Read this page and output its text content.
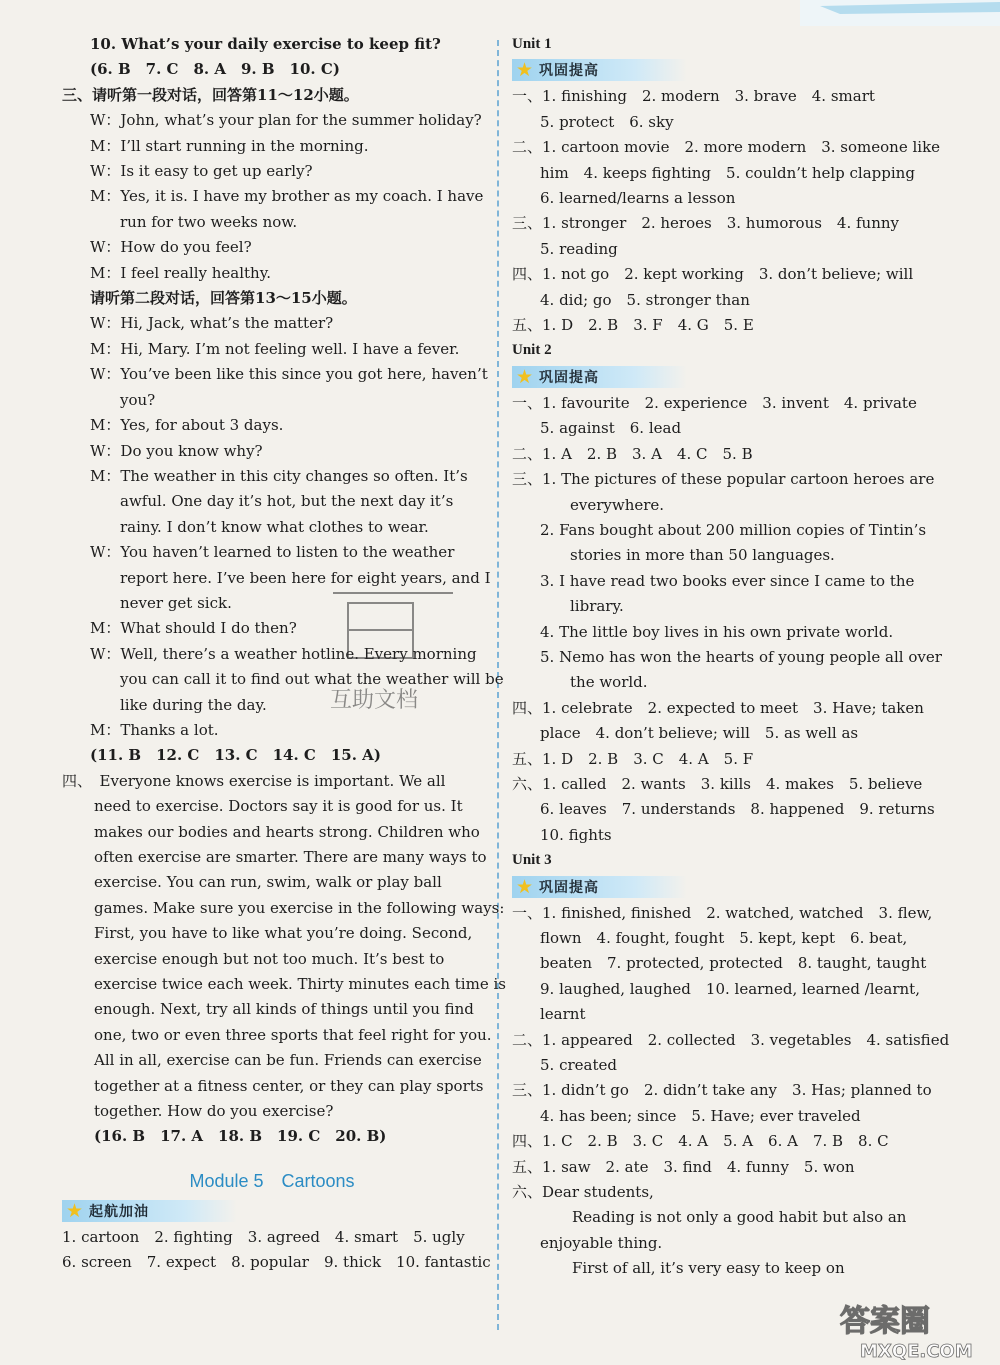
10. What’s your daily exercise to keep fit?
(6. B　7. C　8. A　9. B　10. C)
三、请听第一段对话，回答第11～12小题。
W：John, what’s your plan for the summer holiday?
M：I’ll start running in the morning.
W：Is it easy to get up early?
M：Yes, it is. I have my brother as my coach. I have
run for two weeks now.
W：How do you feel?
M：I feel really healthy.
请听第二段对话，回答第13～15小题。
W：Hi, Jack, what’s the matter?
M：Hi, Mary. I’m not feeling well. I have a fever.
W：You’ve been like this since you got here, haven’t
you?
M：Yes, for about 3 days.
W：Do you know why?
M：The weather in this city changes so often. It’s
awful. One day it’s hot, but the next day it’s
rainy. I don’t know what clothes to wear.
W：You haven’t learned to listen to the weather
report here. I’ve been here for eight years, and I
never get sick.
M：What should I do then?
W：Well, there’s a weather hotline. Every morning
you can call it to find out what the weather will be
like during the day.
M：Thanks a lot.
(11. B　12. C　13. C　14. C　15. A)
四、　Everyone knows exercise is important. We all
need to exercise. Doctors say it is good for us. It
makes our bodies and hearts strong. Children who
often exercise are smarter. There are many ways to
exercise. You can run, swim, walk or play ball
games. Make sure you exercise in the following ways:
First, you have to like what you’re doing. Second,
exercise enough but not too much. It’s best to
exercise twice each week. Thirty minutes each time is
enough. Next, try all kinds of things until you find
one, two or even three sports that feel right for you.
All in all, exercise can be fun. Friends can exercise
together at a fitness center, or they can play sports
together. How do you exercise?
(16. B　17. A　18. B　19. C　20. B)
Module 5　Cartoons
★ 起航加油
1. cartoon　2. fighting　3. agreed　4. smart　5. ugly
6. screen　7. expect　8. popular　9. thick　10. fantastic
互助文档
Unit 1
★ 巩固提高
一、1. finishing　2. modern　3. brave　4. smart
5. protect　6. sky
二、1. cartoon movie　2. more modern　3. someone like
him　4. keeps fighting　5. couldn’t help clapping
6. learned/learns a lesson
三、1. stronger　2. heroes　3. humorous　4. funny
5. reading
四、1. not go　2. kept working　3. don’t believe; will
4. did; go　5. stronger than
五、1. D　2. B　3. F　4. G　5. E
Unit 2
★ 巩固提高
一、1. favourite　2. experience　3. invent　4. private
5. against　6. lead
二、1. A　2. B　3. A　4. C　5. B
三、1. The pictures of these popular cartoon heroes are
everywhere.
2. Fans bought about 200 million copies of Tintin’s
stories in more than 50 languages.
3. I have read two books ever since I came to the
library.
4. The little boy lives in his own private world.
5. Nemo has won the hearts of young people all over
the world.
四、1. celebrate　2. expected to meet　3. Have; taken
place　4. don’t believe; will　5. as well as
五、1. D　2. B　3. C　4. A　5. F
六、1. called　2. wants　3. kills　4. makes　5. believe
6. leaves　7. understands　8. happened　9. returns
10. fights
Unit 3
★ 巩固提高
一、1. finished, finished　2. watched, watched　3. flew,
flown　4. fought, fought　5. kept, kept　6. beat,
beaten　7. protected, protected　8. taught, taught
9. laughed, laughed　10. learned, learned /learnt,
learnt
二、1. appeared　2. collected　3. vegetables　4. satisfied
5. created
三、1. didn’t go　2. didn’t take any　3. Has; planned to
4. has been; since　5. Have; ever traveled
四、1. C　2. B　3. C　4. A　5. A　6. A　7. B　8. C
五、1. saw　2. ate　3. find　4. funny　5. won
六、Dear students,
Reading is not only a good habit but also an
enjoyable thing.
First of all, it’s very easy to keep on
答案圈
MXQE.COM
